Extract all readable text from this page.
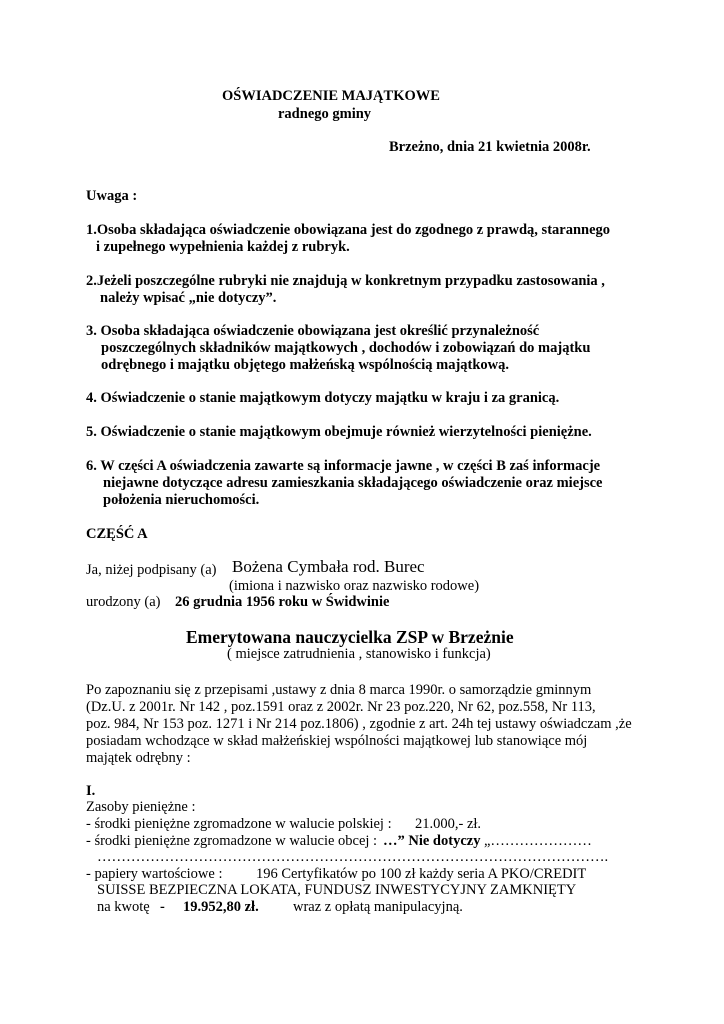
OŚWIADCZENIE MAJĄTKOWE
radnego gminy
Brzeżno, dnia 21 kwietnia 2008r.
Uwaga :
1.Osoba składająca oświadczenie obowiązana jest do zgodnego z prawdą, starannego
i zupełnego wypełnienia każdej z rubryk.
2.Jeżeli poszczególne rubryki nie znajdują w konkretnym przypadku zastosowania ,
należy wpisać „nie dotyczy”.
3. Osoba składająca oświadczenie obowiązana jest określić przynależność
poszczególnych składników majątkowych , dochodów i zobowiązań do majątku
odrębnego i majątku objętego małżeńską wspólnością majątkową.
4. Oświadczenie o stanie majątkowym dotyczy majątku w kraju i za granicą.
5. Oświadczenie o stanie majątkowym obejmuje również wierzytelności pieniężne.
6. W części A oświadczenia zawarte są informacje jawne , w części B zaś informacje
niejawne dotyczące adresu zamieszkania składającego oświadczenie oraz miejsce
położenia nieruchomości.
CZĘŚĆ A
Ja, niżej podpisany (a) Bożena Cymbała rod. Burec
(imiona i nazwisko oraz nazwisko rodowe)
urodzony (a) 26 grudnia 1956 roku w Świdwinie
Emerytowana nauczycielka ZSP w Brzeżnie
( miejsce zatrudnienia , stanowisko i funkcja)
Po zapoznaniu się z przepisami ,ustawy z dnia 8 marca 1990r. o samorządzie gminnym
(Dz.U. z 2001r. Nr 142 , poz.1591 oraz z 2002r. Nr 23 poz.220, Nr 62, poz.558, Nr 113,
poz. 984, Nr 153 poz. 1271 i Nr 214 poz.1806) , zgodnie z art. 24h tej ustawy oświadczam ,że
posiadam wchodzące w skład małżeńskiej wspólności majątkowej lub stanowiące mój
majątek odrębny :
I.
Zasoby pieniężne :
- środki pieniężne zgromadzone w walucie polskiej : 21.000,- zł.
- środki pieniężne zgromadzone w walucie obcej : …” Nie dotyczy „…………………
…………………………………………………………………………………………….
- papiery wartościowe : 196 Certyfikatów po 100 zł każdy seria A PKO/CREDIT
SUISSE BEZPIECZNA LOKATA, FUNDUSZ INWESTYCYJNY ZAMKNIĘTY
na kwotę - 19.952,80 zł. wraz z opłatą manipulacyjną.
